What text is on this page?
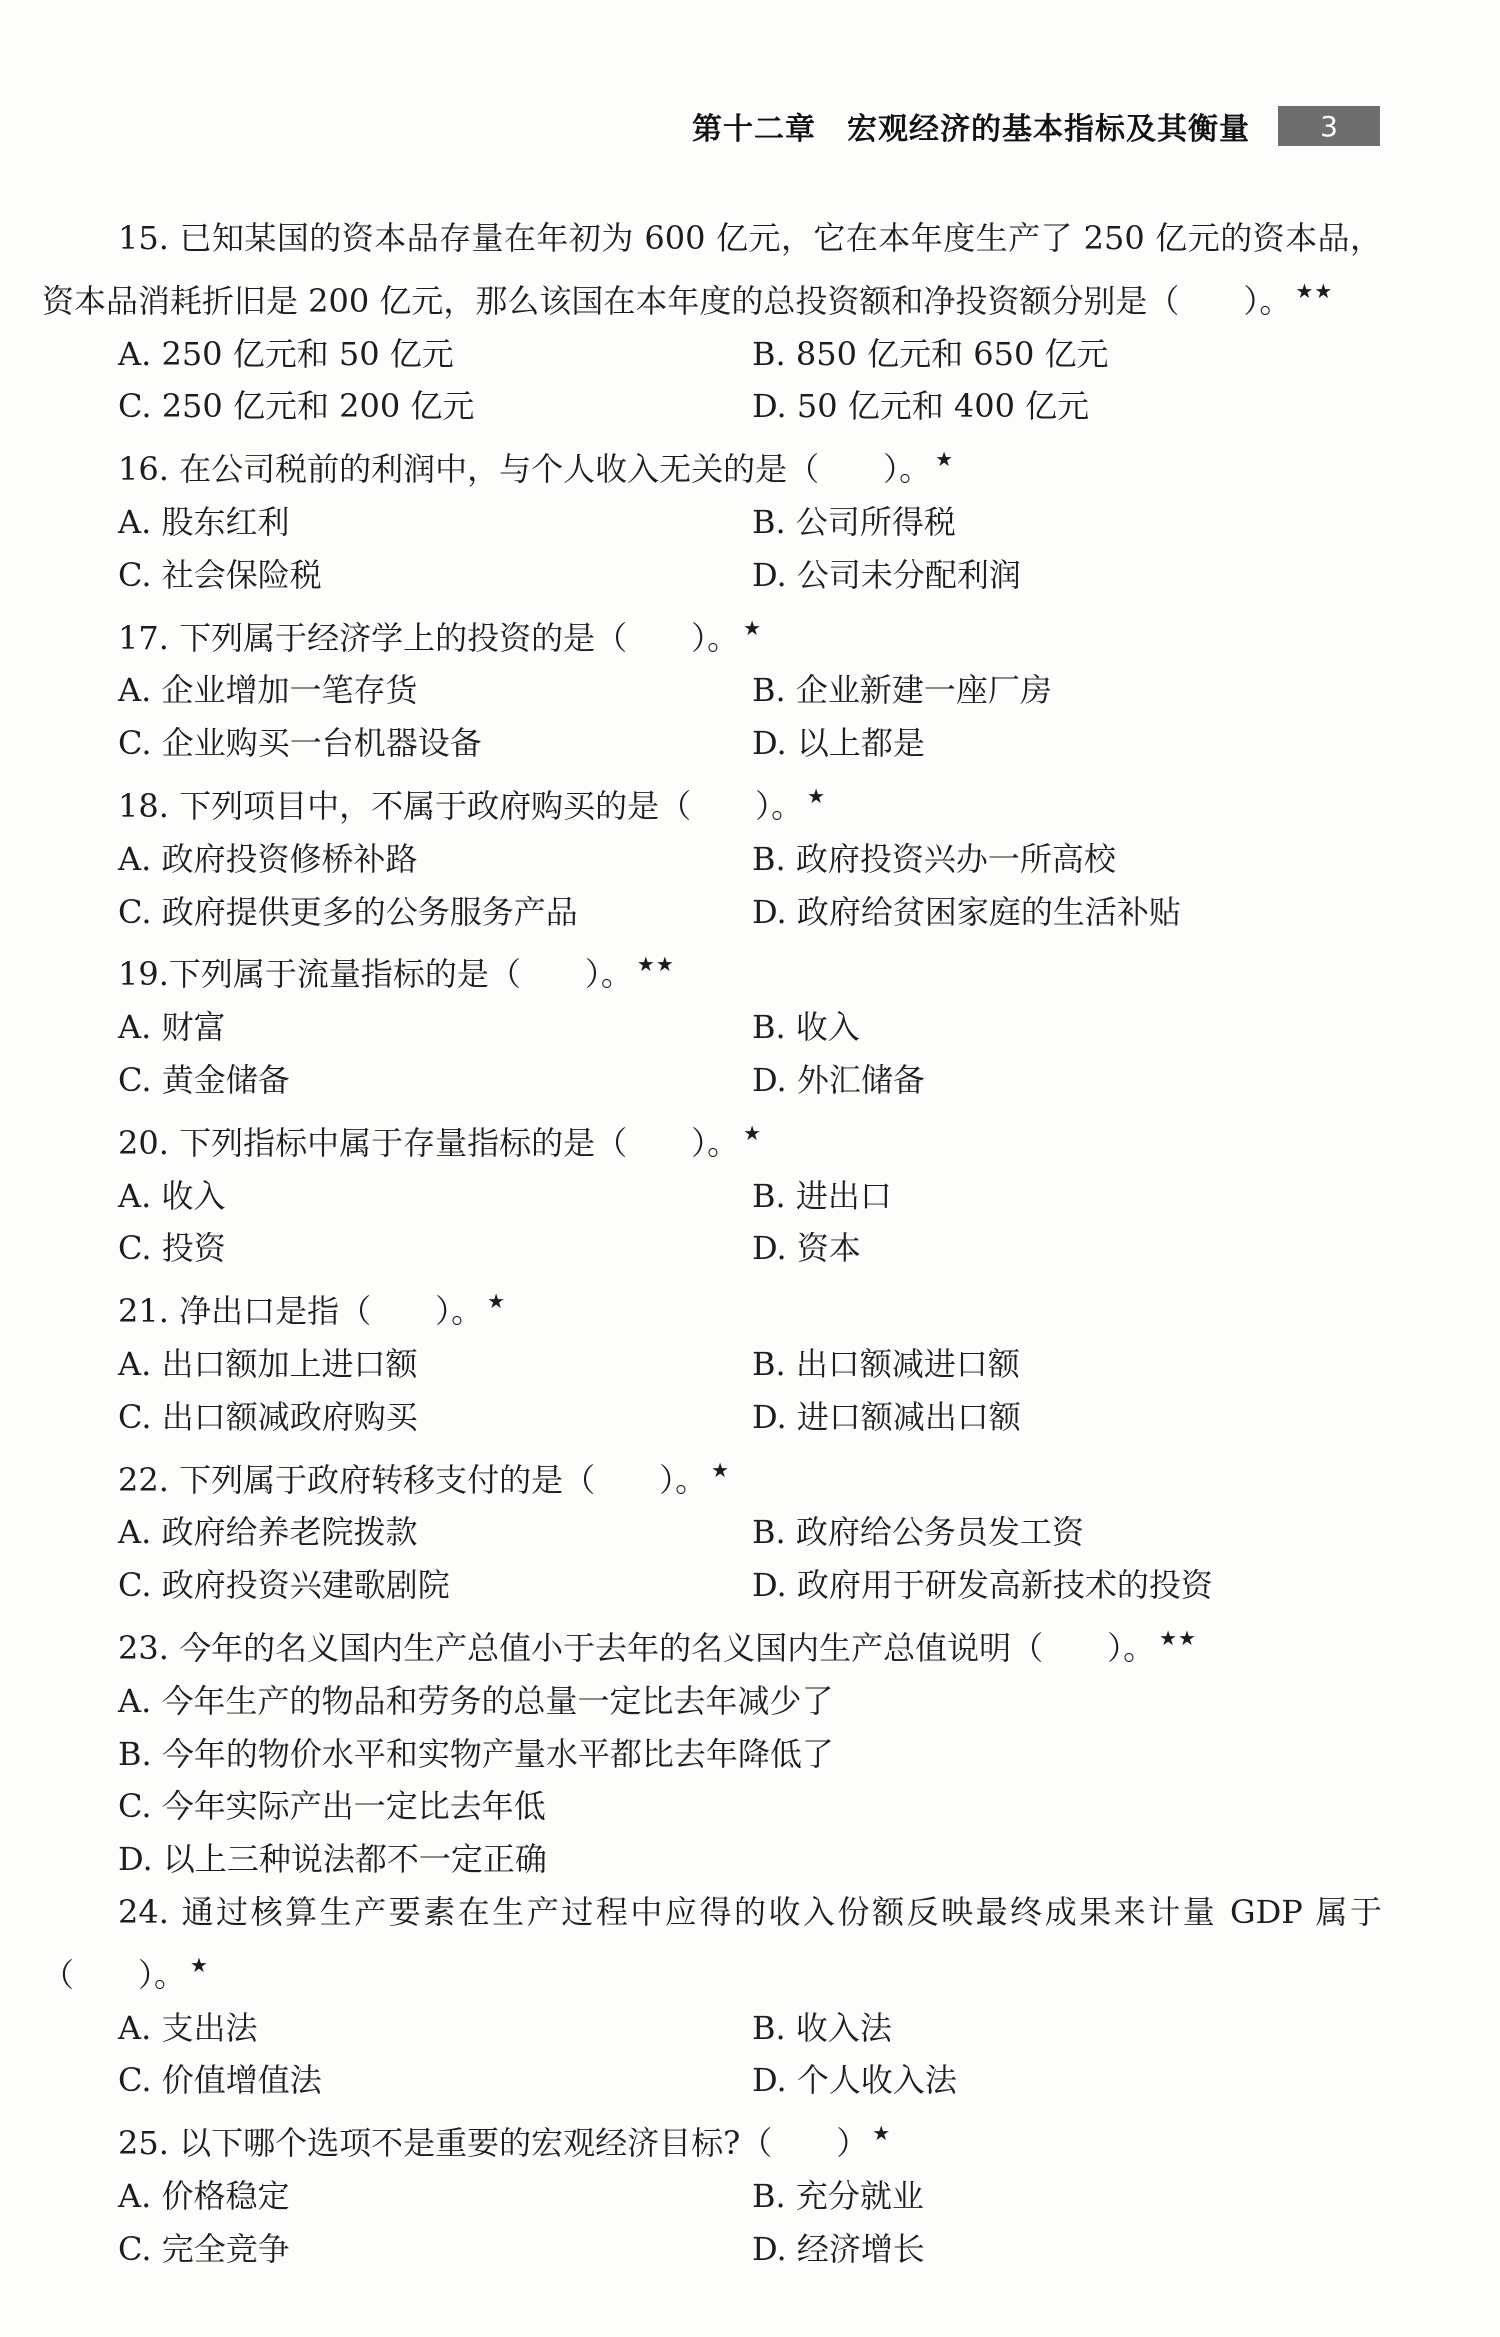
第十二章　宏观经济的基本指标及其衡量	3
15. 已知某国的资本品存量在年初为 600 亿元，它在本年度生产了 250 亿元的资本品，资本品消耗折旧是 200 亿元，那么该国在本年度的总投资额和净投资额分别是（　　）。 ★★
A. 250 亿元和 50 亿元	B. 850 亿元和 650 亿元
C. 250 亿元和 200 亿元	D. 50 亿元和 400 亿元
16. 在公司税前的利润中，与个人收入无关的是（　　）。 ★
A. 股东红利	B. 公司所得税
C. 社会保险税	D. 公司未分配利润
17. 下列属于经济学上的投资的是（　　）。 ★
A. 企业增加一笔存货	B. 企业新建一座厂房
C. 企业购买一台机器设备	D. 以上都是
18. 下列项目中，不属于政府购买的是（　　）。 ★
A. 政府投资修桥补路	B. 政府投资兴办一所高校
C. 政府提供更多的公务服务产品	D. 政府给贫困家庭的生活补贴
19.下列属于流量指标的是（　　）。 ★★
A. 财富	B. 收入
C. 黄金储备	D. 外汇储备
20. 下列指标中属于存量指标的是（　　）。 ★
A. 收入	B. 进出口
C. 投资	D. 资本
21. 净出口是指（　　）。 ★
A. 出口额加上进口额	B. 出口额减进口额
C. 出口额减政府购买	D. 进口额减出口额
22. 下列属于政府转移支付的是（　　）。 ★
A. 政府给养老院拨款	B. 政府给公务员发工资
C. 政府投资兴建歌剧院	D. 政府用于研发高新技术的投资
23. 今年的名义国内生产总值小于去年的名义国内生产总值说明（　　）。 ★★
A. 今年生产的物品和劳务的总量一定比去年减少了
B. 今年的物价水平和实物产量水平都比去年降低了
C. 今年实际产出一定比去年低
D. 以上三种说法都不一定正确
24. 通过核算生产要素在生产过程中应得的收入份额反映最终成果来计量 GDP 属于（　　）。 ★
A. 支出法	B. 收入法
C. 价值增值法	D. 个人收入法
25. 以下哪个选项不是重要的宏观经济目标?（　　） ★
A. 价格稳定	B. 充分就业
C. 完全竞争	D. 经济增长
